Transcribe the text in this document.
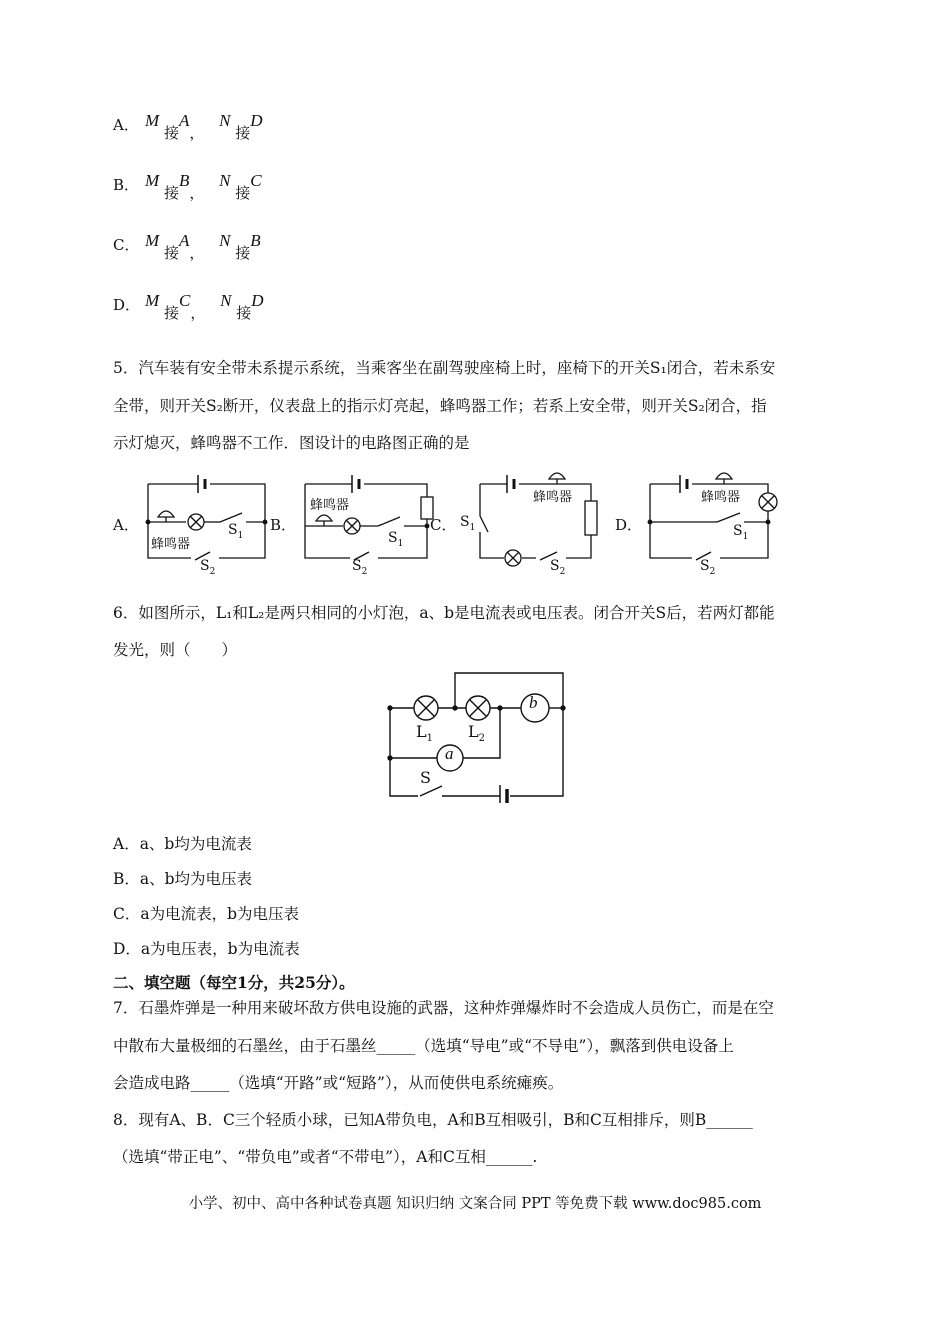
A． M 接A， N 接D
B． M 接B， N 接C
C． M 接A， N 接B
D． M 接C， N 接D
5．汽车装有安全带未系提示系统，当乘客坐在副驾驶座椅上时，座椅下的开关S₁闭合，若未系安
全带，则开关S₂断开，仪表盘上的指示灯亮起，蜂鸣器工作；若系上安全带，则开关S₂闭合，指
示灯熄灭，蜂鸣器不工作．图设计的电路图正确的是
A．	B．	C．	D．
蜂鸣器
$S_1$
$S_2$
蜂鸣器
$S_1$
$S_2$
蜂鸣器
$S_1$
$S_2$
蜂鸣器
$S_1$
$S_2$
6．如图所示，L₁和L₂是两只相同的小灯泡，a、b是电流表或电压表。闭合开关S后，若两灯都能
发光，则（　　）
b
a
$L_1$ $L_2$
S
A．a、b均为电流表
B．a、b均为电压表
C．a为电流表，b为电压表
D．a为电压表，b为电流表
二、填空题（每空1分，共25分）。
7．石墨炸弹是一种用来破坏敌方供电设施的武器，这种炸弹爆炸时不会造成人员伤亡，而是在空
中散布大量极细的石墨丝，由于石墨丝_____（选填“导电”或“不导电”），飘落到供电设备上
会造成电路_____（选填“开路”或“短路”），从而使供电系统瘫痪。
8．现有A、B．C三个轻质小球，已知A带负电，A和B互相吸引，B和C互相排斥，则B______
（选填“带正电”、“带负电”或者“不带电”），A和C互相______.
小学、初中、高中各种试卷真题 知识归纳 文案合同 PPT 等免费下载 www.doc985.com
